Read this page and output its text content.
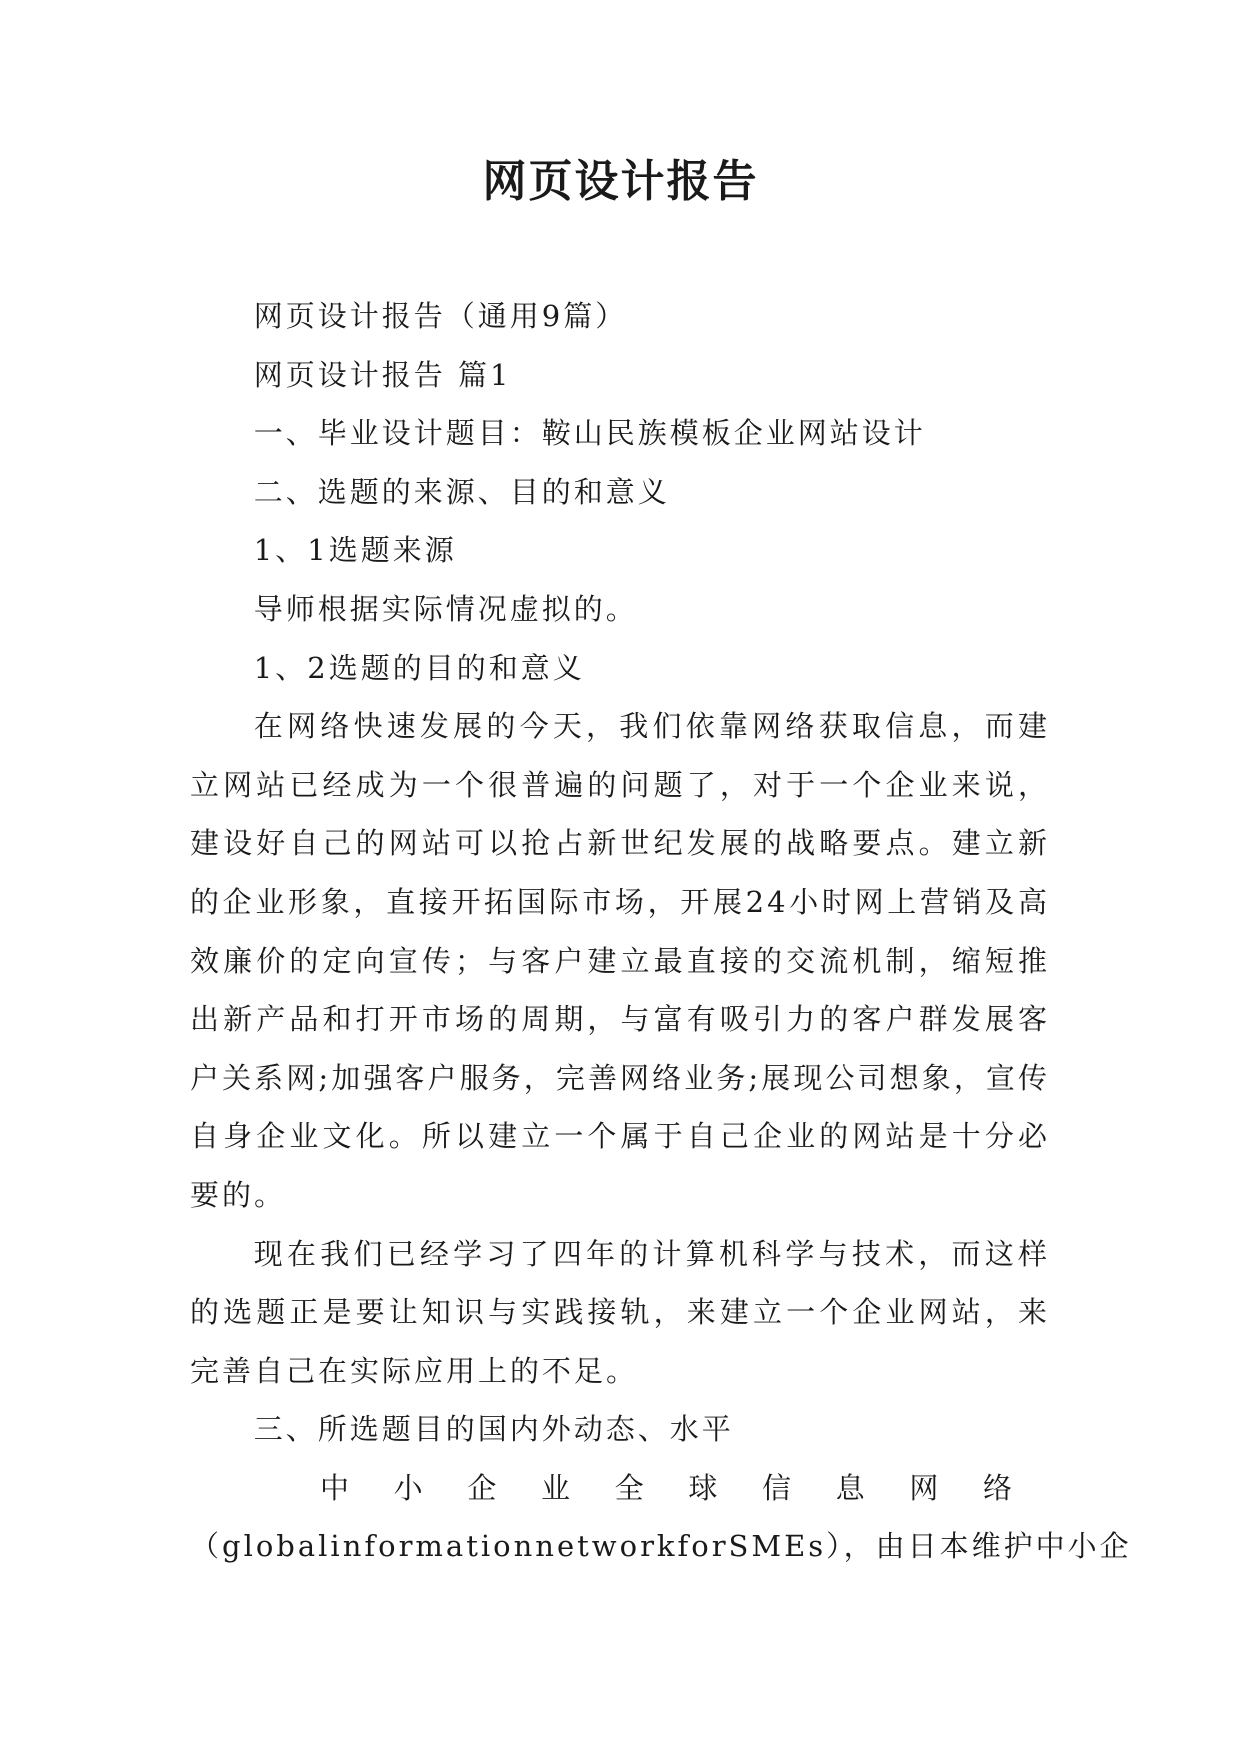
网页设计报告

网页设计报告（通用9篇）

网页设计报告 篇1

一、毕业设计题目：鞍山民族模板企业网站设计

二、选题的来源、目的和意义

1、1选题来源

导师根据实际情况虚拟的。

1、2选题的目的和意义

在网络快速发展的今天，我们依靠网络获取信息，而建立网站已经成为一个很普遍的问题了，对于一个企业来说，建设好自己的网站可以抢占新世纪发展的战略要点。建立新的企业形象，直接开拓国际市场，开展24小时网上营销及高效廉价的定向宣传；与客户建立最直接的交流机制，缩短推出新产品和打开市场的周期，与富有吸引力的客户群发展客户关系网;加强客户服务，完善网络业务;展现公司想象，宣传自身企业文化。所以建立一个属于自己企业的网站是十分必要的。

现在我们已经学习了四年的计算机科学与技术，而这样的选题正是要让知识与实践接轨，来建立一个企业网站，来完善自己在实际应用上的不足。

三、所选题目的国内外动态、水平

中小企业全球信息网络

（globalinformationnetworkforSMEs），由日本维护中小企
